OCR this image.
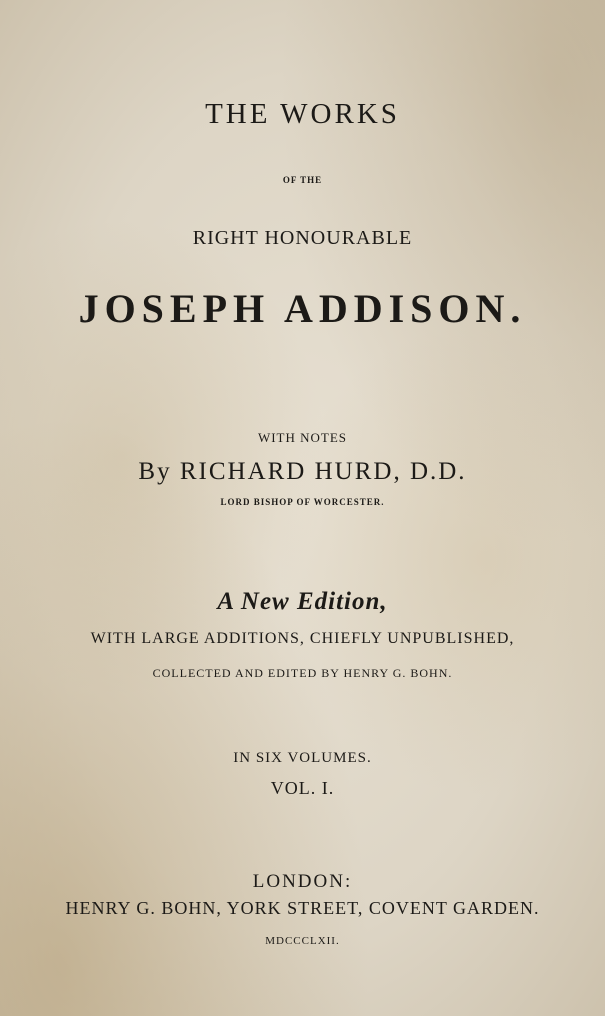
THE WORKS
OF THE
RIGHT HONOURABLE
JOSEPH ADDISON.
WITH NOTES
By RICHARD HURD, D.D.
LORD BISHOP OF WORCESTER.
A New Edition,
WITH LARGE ADDITIONS, CHIEFLY UNPUBLISHED,
COLLECTED AND EDITED BY HENRY G. BOHN.
IN SIX VOLUMES.
VOL. I.
LONDON:
HENRY G. BOHN, YORK STREET, COVENT GARDEN.
MDCCCLXII.
